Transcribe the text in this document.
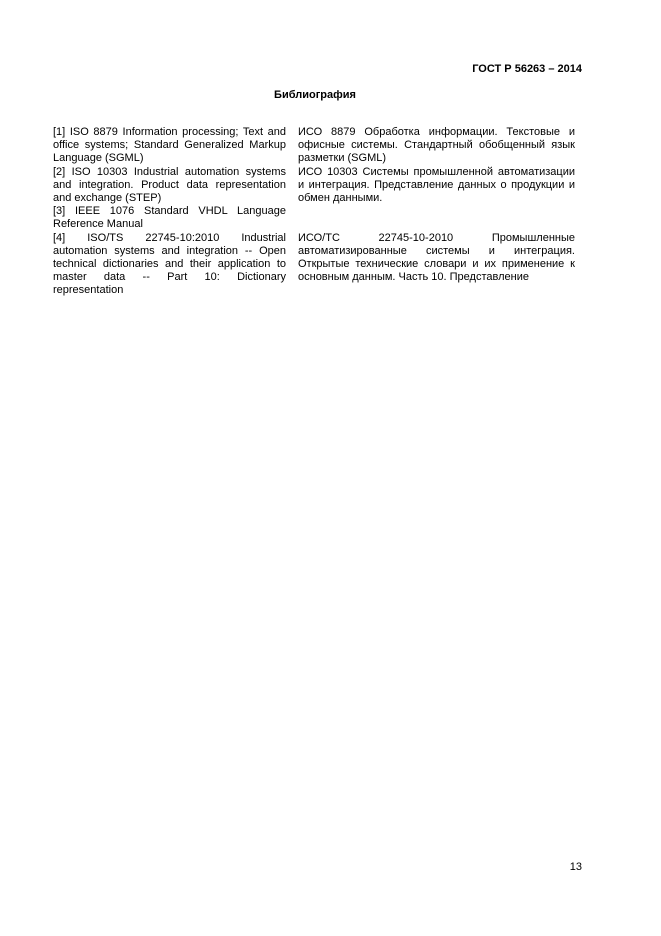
ГОСТ Р 56263 – 2014
Библиография

[1] ISO 8879 Information processing; Text and office systems; Standard Generalized Markup Language (SGML)

ИСО 8879 Обработка информации. Текстовые и офисные системы. Стандартный обобщенный язык разметки (SGML)

[2] ISO 10303 Industrial automation systems and integration. Product data representation and exchange (STEP)

ИСО 10303 Системы промышленной автоматизации и интеграция. Представление данных о продукции и обмен данными.

[3] IEEE 1076 Standard VHDL Language Reference Manual

[4] ISO/TS 22745-10:2010 Industrial automation systems and integration -- Open technical dictionaries and their application to master data -- Part 10: Dictionary representation

ИСО/ТС 22745-10-2010 Промышленные автоматизированные системы и интеграция. Открытые технические словари и их применение к основным данным. Часть 10. Представление

13
